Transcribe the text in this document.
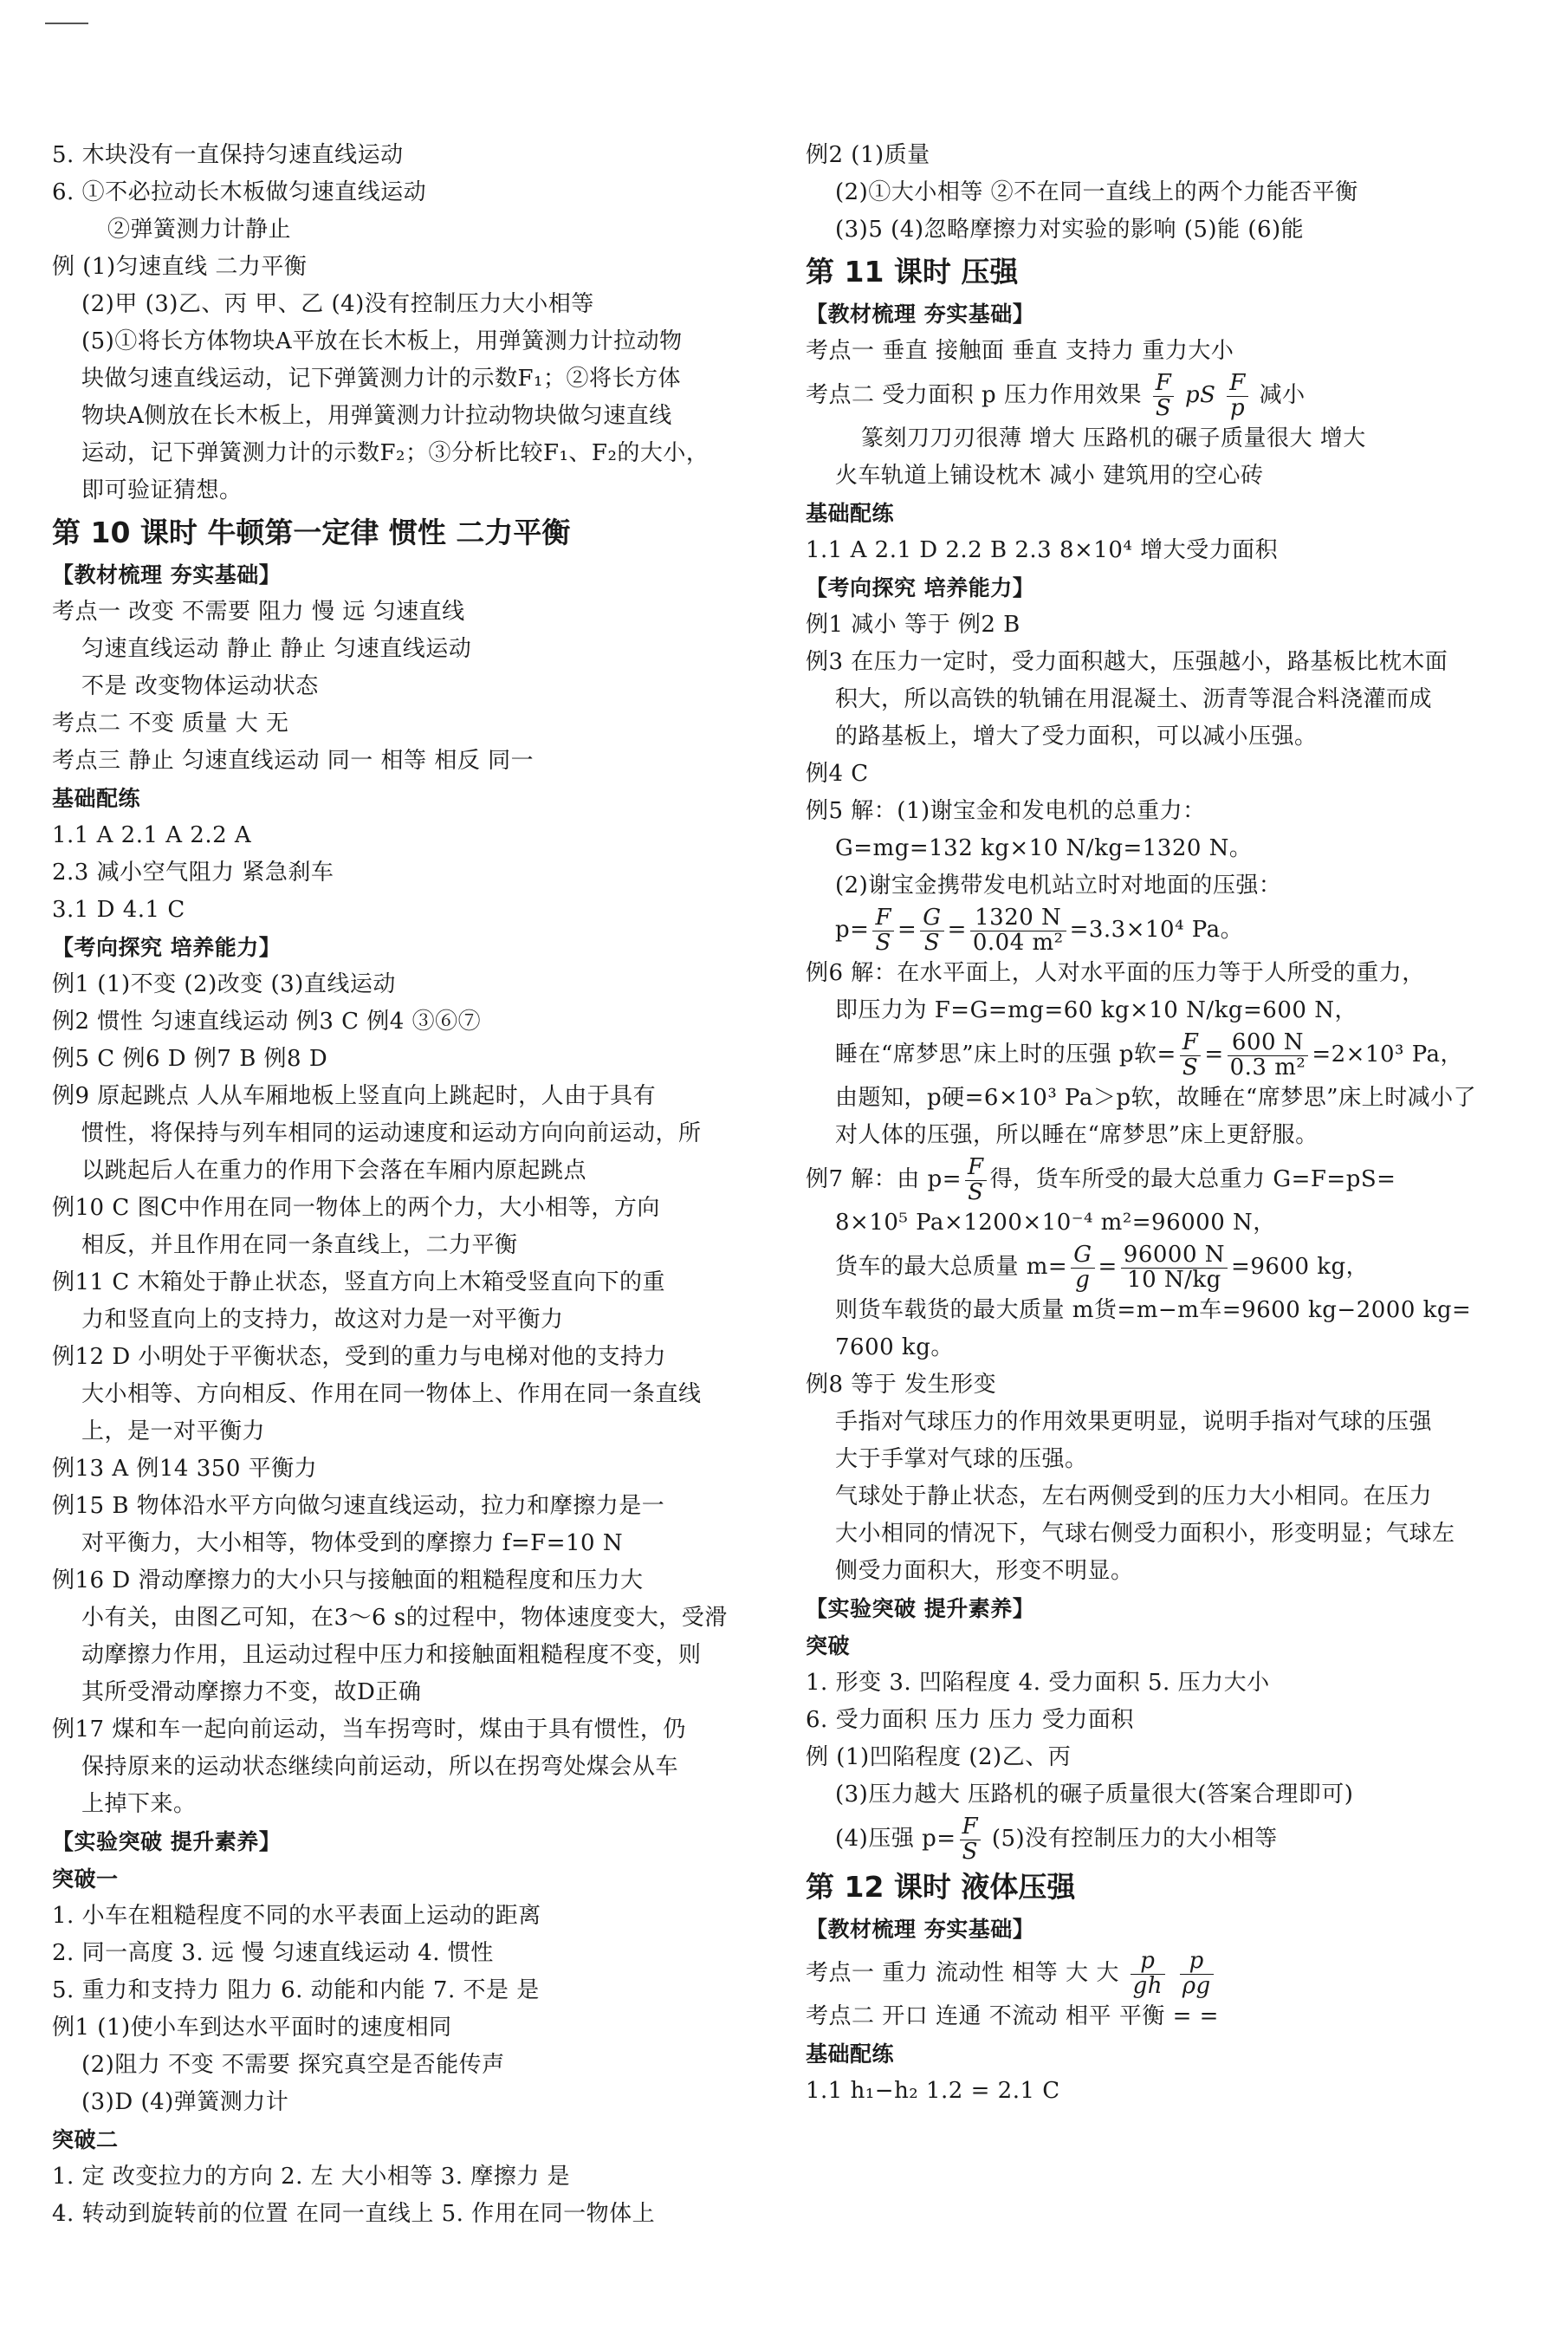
5. 木块没有一直保持匀速直线运动
6. ①不必拉动长木板做匀速直线运动
②弹簧测力计静止
例 (1)匀速直线 二力平衡
(2)甲 (3)乙、丙 甲、乙 (4)没有控制压力大小相等
(5)①将长方体物块A平放在长木板上，用弹簧测力计拉动物
块做匀速直线运动，记下弹簧测力计的示数F₁；②将长方体
物块A侧放在长木板上，用弹簧测力计拉动物块做匀速直线
运动，记下弹簧测力计的示数F₂；③分析比较F₁、F₂的大小，
即可验证猜想。
第 10 课时 牛顿第一定律 惯性 二力平衡
【教材梳理 夯实基础】
考点一 改变 不需要 阻力 慢 远 匀速直线
匀速直线运动 静止 静止 匀速直线运动
不是 改变物体运动状态
考点二 不变 质量 大 无
考点三 静止 匀速直线运动 同一 相等 相反 同一
基础配练
1.1 A 2.1 A 2.2 A
2.3 减小空气阻力 紧急刹车
3.1 D 4.1 C
【考向探究 培养能力】
例1 (1)不变 (2)改变 (3)直线运动
例2 惯性 匀速直线运动 例3 C 例4 ③⑥⑦
例5 C 例6 D 例7 B 例8 D
例9 原起跳点 人从车厢地板上竖直向上跳起时，人由于具有
惯性，将保持与列车相同的运动速度和运动方向向前运动，所
以跳起后人在重力的作用下会落在车厢内原起跳点
例10 C 图C中作用在同一物体上的两个力，大小相等，方向
相反，并且作用在同一条直线上，二力平衡
例11 C 木箱处于静止状态，竖直方向上木箱受竖直向下的重
力和竖直向上的支持力，故这对力是一对平衡力
例12 D 小明处于平衡状态，受到的重力与电梯对他的支持力
大小相等、方向相反、作用在同一物体上、作用在同一条直线
上，是一对平衡力
例13 A 例14 350 平衡力
例15 B 物体沿水平方向做匀速直线运动，拉力和摩擦力是一
对平衡力，大小相等，物体受到的摩擦力 f=F=10 N
例16 D 滑动摩擦力的大小只与接触面的粗糙程度和压力大
小有关，由图乙可知，在3～6 s的过程中，物体速度变大，受滑
动摩擦力作用，且运动过程中压力和接触面粗糙程度不变，则
其所受滑动摩擦力不变，故D正确
例17 煤和车一起向前运动，当车拐弯时，煤由于具有惯性，仍
保持原来的运动状态继续向前运动，所以在拐弯处煤会从车
上掉下来。
【实验突破 提升素养】
突破一
1. 小车在粗糙程度不同的水平表面上运动的距离
2. 同一高度 3. 远 慢 匀速直线运动 4. 惯性
5. 重力和支持力 阻力 6. 动能和内能 7. 不是 是
例1 (1)使小车到达水平面时的速度相同
(2)阻力 不变 不需要 探究真空是否能传声
(3)D (4)弹簧测力计
突破二
1. 定 改变拉力的方向 2. 左 大小相等 3. 摩擦力 是
4. 转动到旋转前的位置 在同一直线上 5. 作用在同一物体上
例2 (1)质量
(2)①大小相等 ②不在同一直线上的两个力能否平衡
(3)5 (4)忽略摩擦力对实验的影响 (5)能 (6)能
第 11 课时 压强
【教材梳理 夯实基础】
考点一 垂直 接触面 垂直 支持力 重力大小
考点二 受力面积 p 压力作用效果 $\frac{F}{S}$ pS $\frac{F}{p}$ 减小
篆刻刀刀刃很薄 增大 压路机的碾子质量很大 增大
火车轨道上铺设枕木 减小 建筑用的空心砖
基础配练
1.1 A 2.1 D 2.2 B 2.3 8×10⁴ 增大受力面积
【考向探究 培养能力】
例1 减小 等于 例2 B
例3 在压力一定时，受力面积越大，压强越小，路基板比枕木面
积大，所以高铁的轨铺在用混凝土、沥青等混合料浇灌而成
的路基板上，增大了受力面积，可以减小压强。
例4 C
例5 解：(1)谢宝金和发电机的总重力：
G=mg=132 kg×10 N/kg=1320 N。
(2)谢宝金携带发电机站立时对地面的压强：
$p= \frac{F}{S} = \frac{G}{S} = \frac{1320 N}{\text{0.04 m²}} =3.3\times 10^4$ Pa。
例6 解：在水平面上，人对水平面的压力等于人所受的重力，
即压力为 F=G=mg=60 kg×10 N/kg=600 N，
睡在“席梦思”床上时的压强 p软= $\frac{F}{S} = \frac{600 N}{\text{0.3 m²}} =2\times 10^3$ Pa，
由题知，p硬=6×10³ Pa＞p软，故睡在“席梦思”床上时减小了
对人体的压强，所以睡在“席梦思”床上更舒服。
例7 解：由 $p= \frac{F}{S}$ 得，货车所受的最大总重力 G=F=pS=
8×10⁵ Pa×1200×10⁻⁴ m²=96000 N，
货车的最大总质量 $m= \frac{G}{g} = \frac{96000 N}{10 N/kg} =9600$ kg，
则货车载货的最大质量 m货=m−m车=9600 kg−2000 kg=
7600 kg。
例8 等于 发生形变
手指对气球压力的作用效果更明显，说明手指对气球的压强
大于手掌对气球的压强。
气球处于静止状态，左右两侧受到的压力大小相同。在压力
大小相同的情况下，气球右侧受力面积小，形变明显；气球左
侧受力面积大，形变不明显。
【实验突破 提升素养】
突破
1. 形变 3. 凹陷程度 4. 受力面积 5. 压力大小
6. 受力面积 压力 压力 受力面积
例 (1)凹陷程度 (2)乙、丙
(3)压力越大 压路机的碾子质量很大(答案合理即可)
(4)压强 $p= \frac{F}{S} (5)$没有控制压力的大小相等
第 12 课时 液体压强
【教材梳理 夯实基础】
考点一 重力 流动性 相等 大 大 $\frac{p}{gh}$
$\frac{p}{\rho g}$
考点二 开口 连通 不流动 相平 平衡 = =
基础配练
1.1 h₁−h₂ 1.2 = 2.1 C
